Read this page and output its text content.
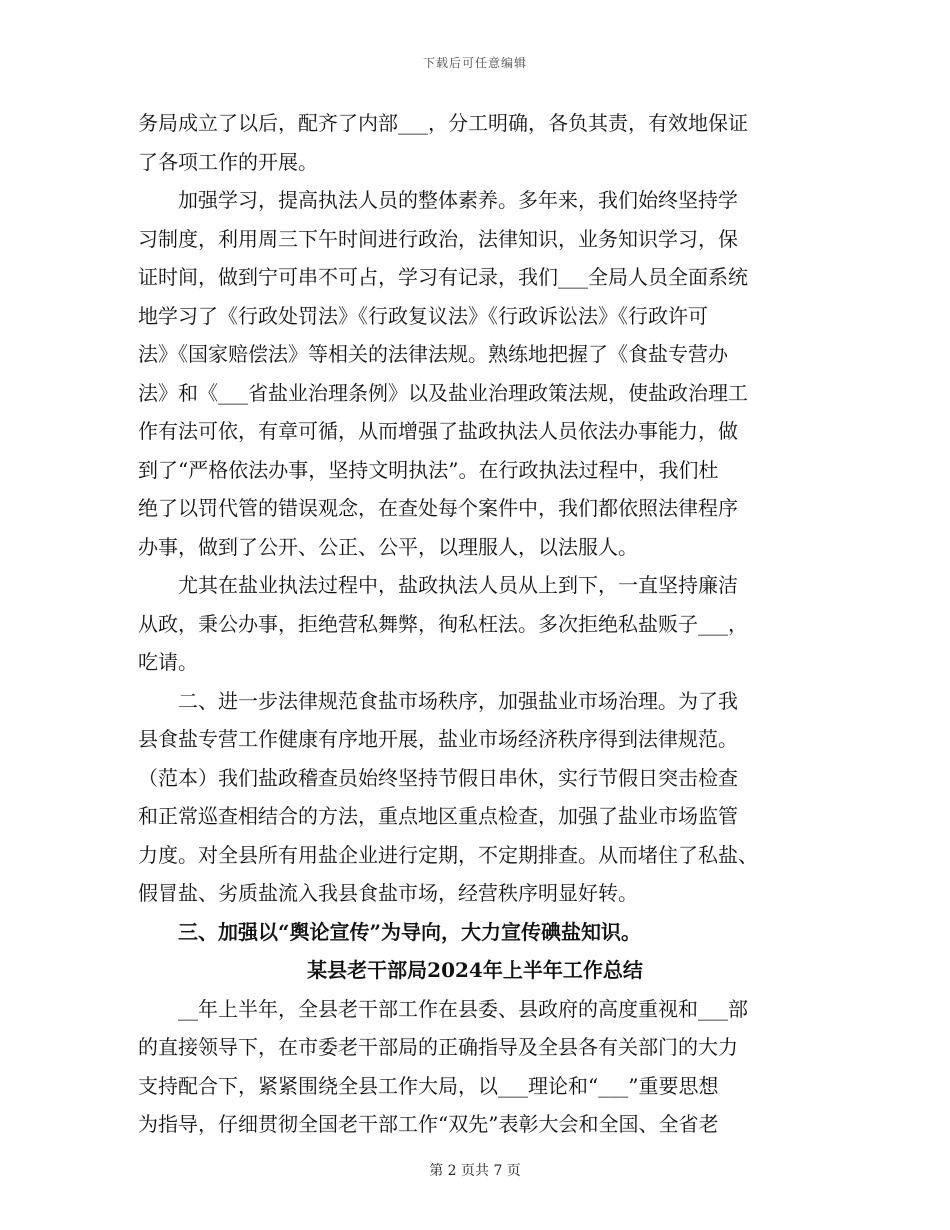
下载后可任意编辑
务局成立了以后，配齐了内部___，分工明确，各负其责，有效地保证
了各项工作的开展。
加强学习，提高执法人员的整体素养。多年来，我们始终坚持学
习制度，利用周三下午时间进行政治，法律知识，业务知识学习，保
证时间，做到宁可串不可占，学习有记录，我们___全局人员全面系统
地学习了《行政处罚法》《行政复议法》《行政诉讼法》《行政许可
法》《国家赔偿法》等相关的法律法规。熟练地把握了《食盐专营办
法》和《___省盐业治理条例》以及盐业治理政策法规，使盐政治理工
作有法可依，有章可循，从而增强了盐政执法人员依法办事能力，做
到了“严格依法办事，坚持文明执法”。在行政执法过程中，我们杜
绝了以罚代管的错误观念，在查处每个案件中，我们都依照法律程序
办事，做到了公开、公正、公平，以理服人，以法服人。
尤其在盐业执法过程中，盐政执法人员从上到下，一直坚持廉洁
从政，秉公办事，拒绝营私舞弊，徇私枉法。多次拒绝私盐贩子___，
吃请。
二、进一步法律规范食盐市场秩序，加强盐业市场治理。为了我
县食盐专营工作健康有序地开展，盐业市场经济秩序得到法律规范。
（范本）我们盐政稽查员始终坚持节假日串休，实行节假日突击检查
和正常巡查相结合的方法，重点地区重点检查，加强了盐业市场监管
力度。对全县所有用盐企业进行定期，不定期排查。从而堵住了私盐、
假冒盐、劣质盐流入我县食盐市场，经营秩序明显好转。
三、加强以“舆论宣传”为导向，大力宣传碘盐知识。
某县老干部局2024年上半年工作总结
__年上半年，全县老干部工作在县委、县政府的高度重视和___部
的直接领导下，在市委老干部局的正确指导及全县各有关部门的大力
支持配合下，紧紧围绕全县工作大局，以___理论和“___”重要思想
为指导，仔细贯彻全国老干部工作“双先”表彰大会和全国、全省老
第 2 页共 7 页
